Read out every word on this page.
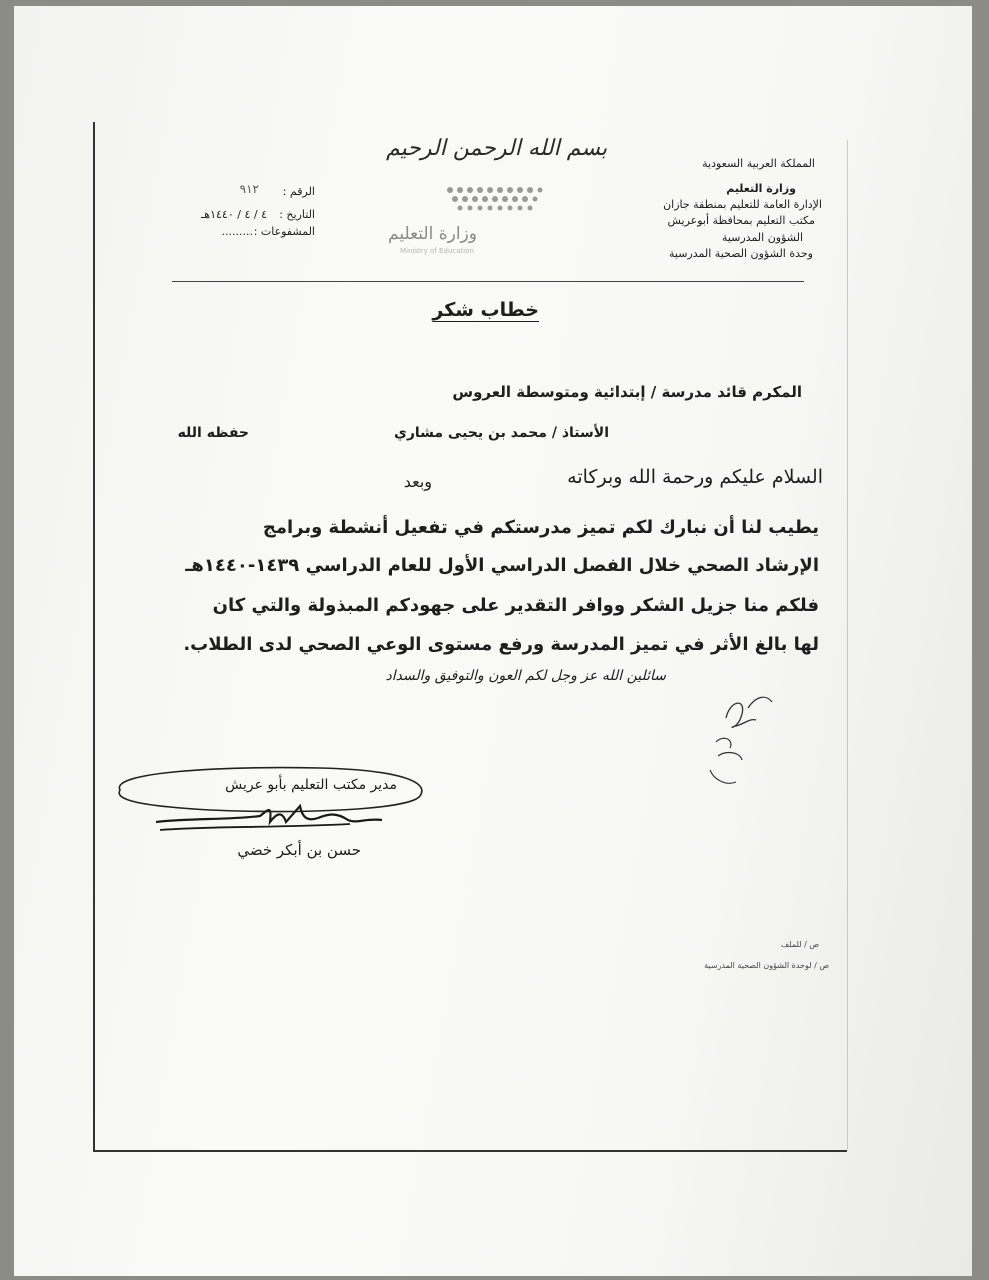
المملكة العربية السعودية
وزارة التعليم
الإدارة العامة للتعليم بمنطقة جازان
مكتب التعليم بمحافظة أبوعريش
الشؤون المدرسية
وحدة الشؤون الصحية المدرسية
بسم الله الرحمن الرحيم
وزارة التعليم
Ministry of Education
الرقم :
٩١٢
التاريخ :
٤ / ٤ / ١٤٤٠هـ
المشفوعات :
.........
خطاب شكر
المكرم قائد مدرسة / إبتدائية ومتوسطة العروس
الأستاذ / محمد بن يحيى مشاري
حفظه الله
السلام عليكم ورحمة الله وبركاته
وبعد
يطيب لنا أن نبارك لكم تميز مدرستكم في تفعيل أنشطة وبرامج
الإرشاد الصحي خلال الفصل الدراسي الأول للعام الدراسي ١٤٣٩-١٤٤٠هـ
فلكم منا جزيل الشكر ووافر التقدير على جهودكم المبذولة والتي كان
لها بالغ الأثر في تميز المدرسة ورفع مستوى الوعي الصحي لدى الطلاب.
سائلين الله عز وجل لكم العون والتوفيق والسداد
مدير مكتب التعليم بأبو عريش
حسن بن أبكر خضي
ص / للملف
ص / لوحدة الشؤون الصحية المدرسية
